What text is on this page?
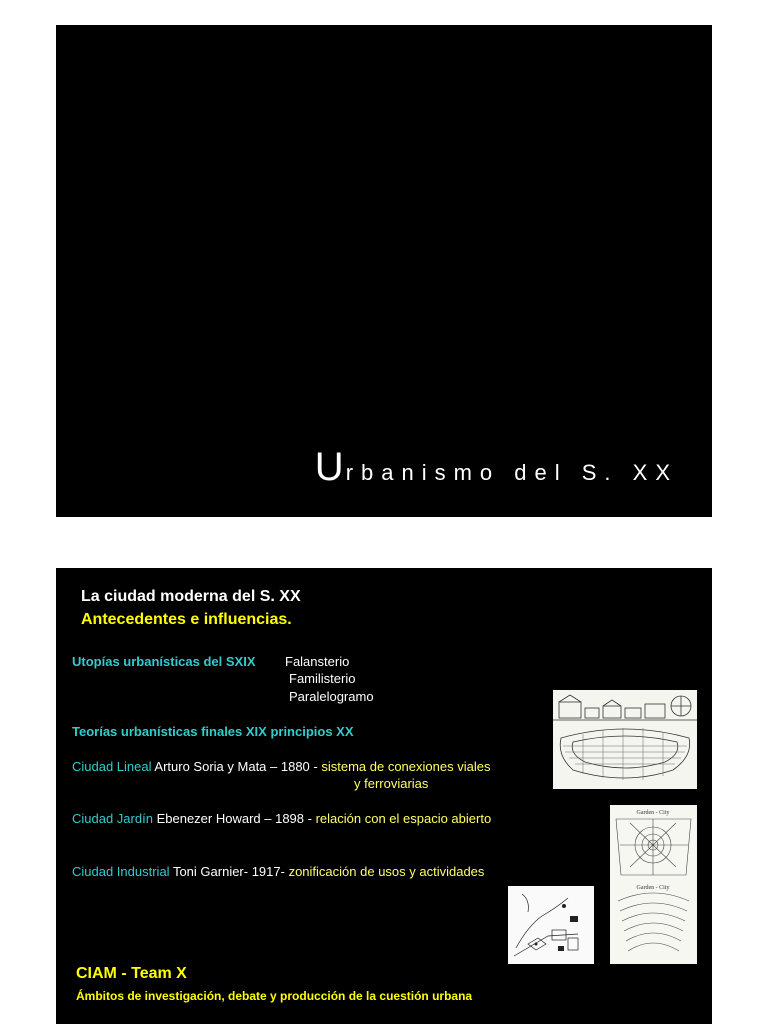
Urbanismo del S. XX
La ciudad moderna del S. XX
Antecedentes e influencias.
Utopías urbanísticas del SXIX Falansterio
Familisterio
Paralelogramo
Teorías urbanísticas finales XIX principios XX
Ciudad Lineal Arturo Soria y Mata – 1880 - sistema de conexiones viales
y ferroviarias
Ciudad Jardín Ebenezer Howard – 1898 - relación con el espacio abierto
Ciudad Industrial Toni Garnier- 1917- zonificación de usos y actividades
CIAM - Team X
Ámbitos de investigación, debate y producción de la cuestión urbana
Garden - City
Garden - City
